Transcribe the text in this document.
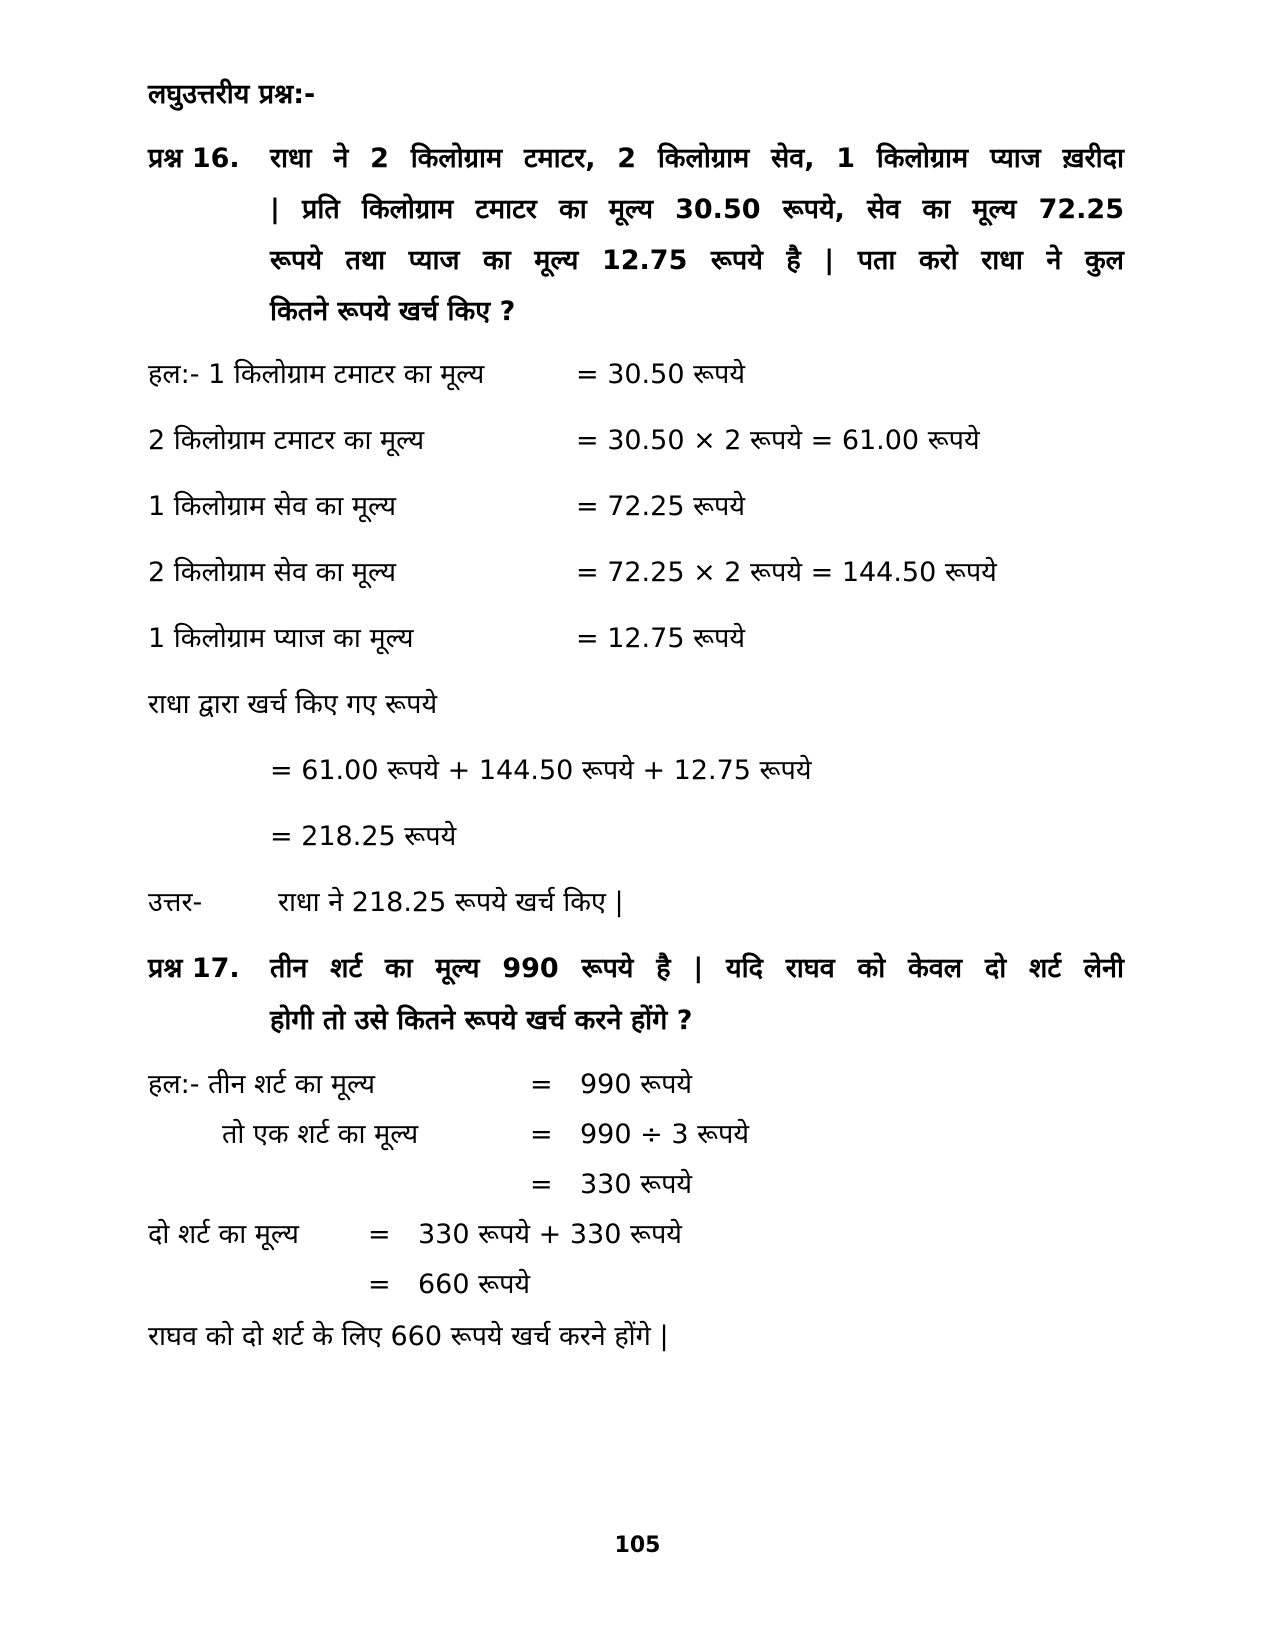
लघुउत्तरीय प्रश्न:-
प्रश्न 16. राधा ने 2 किलोग्राम टमाटर, 2 किलोग्राम सेव, 1 किलोग्राम प्याज ख़रीदा
| प्रति किलोग्राम टमाटर का मूल्य 30.50 रूपये, सेव का मूल्य 72.25
रूपये तथा प्याज का मूल्य 12.75 रूपये है | पता करो राधा ने कुल
कितने रूपये खर्च किए ?
हल:- 1 किलोग्राम टमाटर का मूल्य	= 30.50 रूपये
2 किलोग्राम टमाटर का मूल्य	= 30.50 × 2 रूपये = 61.00 रूपये
1 किलोग्राम सेव का मूल्य	= 72.25 रूपये
2 किलोग्राम सेव का मूल्य	= 72.25 × 2 रूपये = 144.50 रूपये
1 किलोग्राम प्याज का मूल्य	= 12.75 रूपये
राधा द्वारा खर्च किए गए रूपये
= 61.00 रूपये + 144.50 रूपये + 12.75 रूपये
= 218.25 रूपये
उत्तर-	राधा ने 218.25 रूपये खर्च किए |
प्रश्न 17. तीन शर्ट का मूल्य 990 रूपये है | यदि राघव को केवल दो शर्ट लेनी
होगी तो उसे कितने रूपये खर्च करने होंगे ?
हल:- तीन शर्ट का मूल्य	= 990 रूपये
तो एक शर्ट का मूल्य	= 990 ÷ 3 रूपये
= 330 रूपये
दो शर्ट का मूल्य	= 330 रूपये + 330 रूपये
= 660 रूपये
राघव को दो शर्ट के लिए 660 रूपये खर्च करने होंगे |
105
